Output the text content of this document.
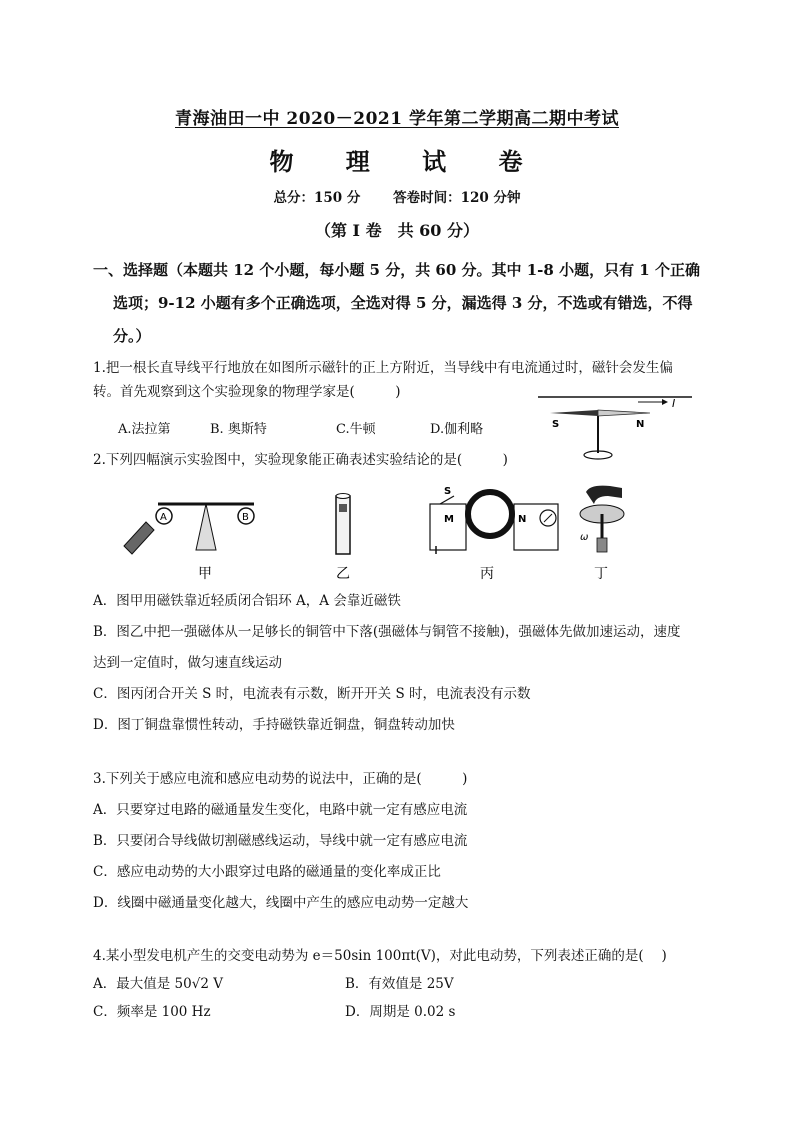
青海油田一中 2020－2021 学年第二学期高二期中考试
物 理 试 卷
总分：150 分 答卷时间：120 分钟
（第 I 卷　共 60 分）
一、选择题（本题共 12 个小题，每小题 5 分，共 60 分。其中 1-8 小题，只有 1 个正确
选项；9-12 小题有多个正确选项，全选对得 5 分，漏选得 3 分，不选或有错选，不得
分。）
1.把一根长直导线平行地放在如图所示磁针的正上方附近，当导线中有电流通过时，磁针会发生偏
转。首先观察到这个实验现象的物理学家是(　　　)
A.法拉第	B. 奥斯特	C.牛顿	D.伽利略
I
S	N
2.下列四幅演示实验图中，实验现象能正确表述实验结论的是(　　　)
A	B
甲	乙
M
S
N
丙
ω
丁
A．图甲用磁铁靠近轻质闭合铝环 A，A 会靠近磁铁
B．图乙中把一强磁体从一足够长的铜管中下落(强磁体与铜管不接触)，强磁体先做加速运动，速度
达到一定值时，做匀速直线运动
C．图丙闭合开关 S 时，电流表有示数，断开开关 S 时，电流表没有示数
D．图丁铜盘靠惯性转动，手持磁铁靠近铜盘，铜盘转动加快
3.下列关于感应电流和感应电动势的说法中，正确的是(　　　)
A．只要穿过电路的磁通量发生变化，电路中就一定有感应电流
B．只要闭合导线做切割磁感线运动，导线中就一定有感应电流
C．感应电动势的大小跟穿过电路的磁通量的变化率成正比
D．线圈中磁通量变化越大，线圈中产生的感应电动势一定越大
4.某小型发电机产生的交变电动势为 e＝50sin 100πt(V)，对此电动势，下列表述正确的是(　 )
A．最大值是 50√2 V	B．有效值是 25V
C．频率是 100 Hz	D．周期是 0.02 s
